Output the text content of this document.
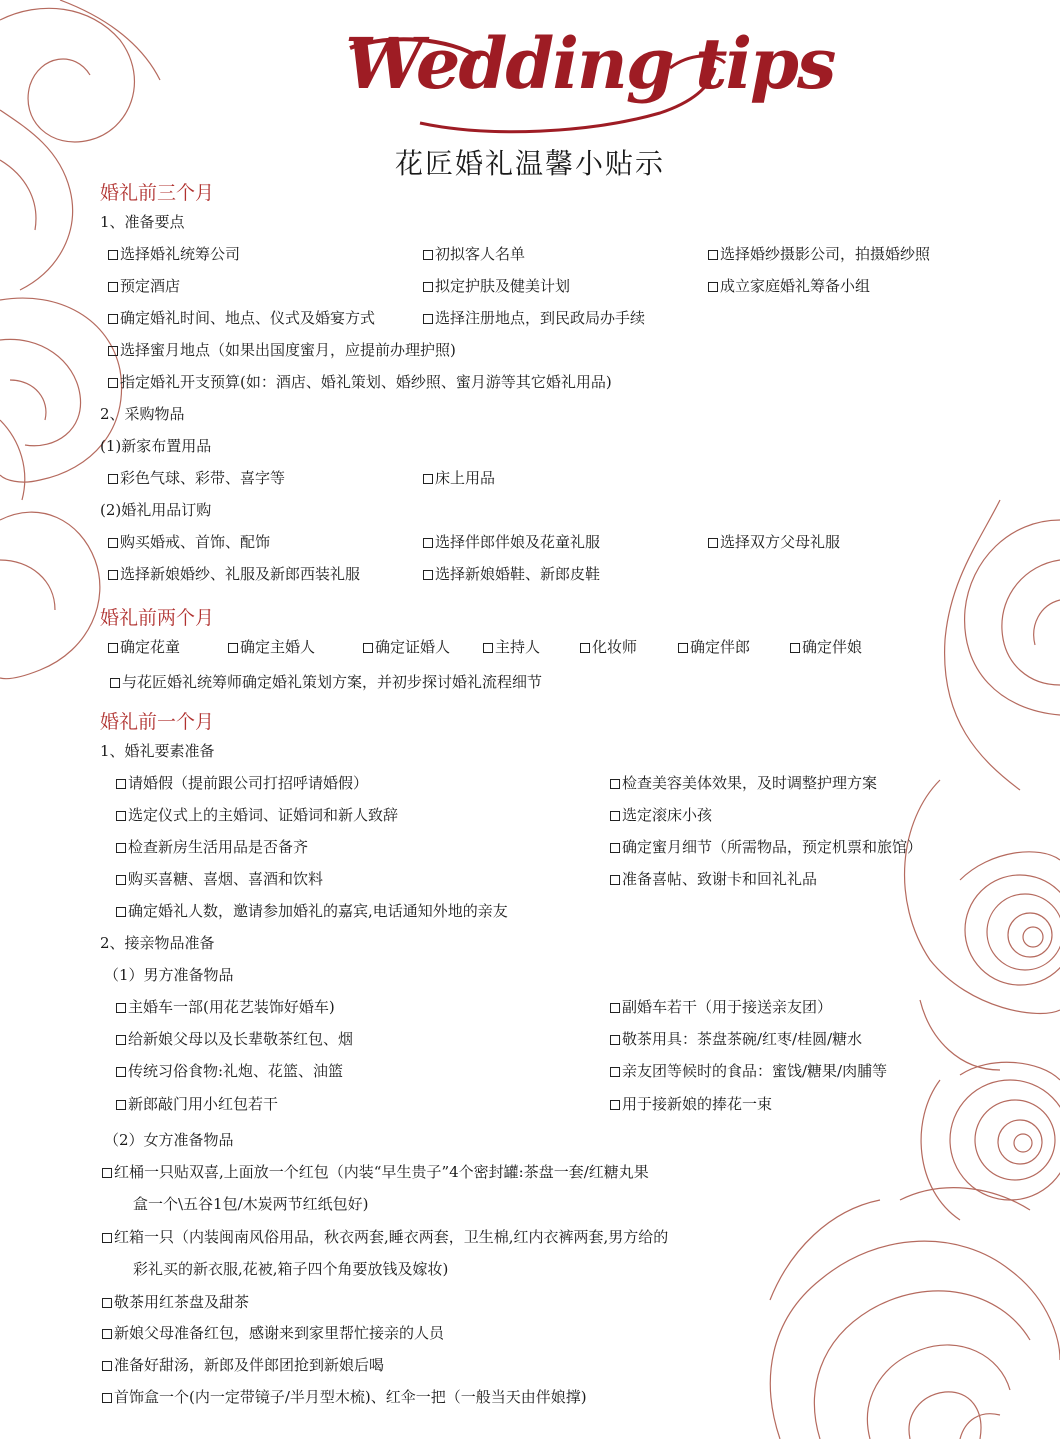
Wedding tips
花匠婚礼温馨小贴示
婚礼前三个月
1、准备要点
选择婚礼统筹公司	初拟客人名单	选择婚纱摄影公司，拍摄婚纱照
预定酒店	拟定护肤及健美计划	成立家庭婚礼筹备小组
确定婚礼时间、地点、仪式及婚宴方式	选择注册地点，到民政局办手续
选择蜜月地点（如果出国度蜜月，应提前办理护照)
指定婚礼开支预算(如：酒店、婚礼策划、婚纱照、蜜月游等其它婚礼用品)
2、采购物品
(1)新家布置用品
彩色气球、彩带、喜字等	床上用品
(2)婚礼用品订购
购买婚戒、首饰、配饰	选择伴郎伴娘及花童礼服	选择双方父母礼服
选择新娘婚纱、礼服及新郎西装礼服	选择新娘婚鞋、新郎皮鞋
婚礼前两个月
确定花童	确定主婚人	确定证婚人	主持人	化妆师	确定伴郎	确定伴娘
与花匠婚礼统筹师确定婚礼策划方案，并初步探讨婚礼流程细节
婚礼前一个月
1、婚礼要素准备
请婚假（提前跟公司打招呼请婚假）	检查美容美体效果，及时调整护理方案
选定仪式上的主婚词、证婚词和新人致辞	选定滚床小孩
检查新房生活用品是否备齐	确定蜜月细节（所需物品，预定机票和旅馆）
购买喜糖、喜烟、喜酒和饮料	准备喜帖、致谢卡和回礼礼品
确定婚礼人数，邀请参加婚礼的嘉宾,电话通知外地的亲友
2、接亲物品准备
（1）男方准备物品
主婚车一部(用花艺装饰好婚车)	副婚车若干（用于接送亲友团）
给新娘父母以及长辈敬茶红包、烟	敬茶用具：茶盘茶碗/红枣/桂圆/糖水
传统习俗食物:礼炮、花篮、油篮	亲友团等候时的食品：蜜饯/糖果/肉脯等
新郎敲门用小红包若干	用于接新娘的捧花一束
（2）女方准备物品
红桶一只贴双喜,上面放一个红包（内装“早生贵子”4个密封罐:茶盘一套/红糖丸果
盒一个\五谷1包/木炭两节红纸包好)
红箱一只（内装闽南风俗用品，秋衣两套,睡衣两套，卫生棉,红内衣裤两套,男方给的
彩礼买的新衣服,花被,箱子四个角要放钱及嫁妆)
敬茶用红茶盘及甜茶
新娘父母准备红包，感谢来到家里帮忙接亲的人员
准备好甜汤，新郎及伴郎团抢到新娘后喝
首饰盒一个(内一定带镜子/半月型木梳)、红伞一把（一般当天由伴娘撑)
